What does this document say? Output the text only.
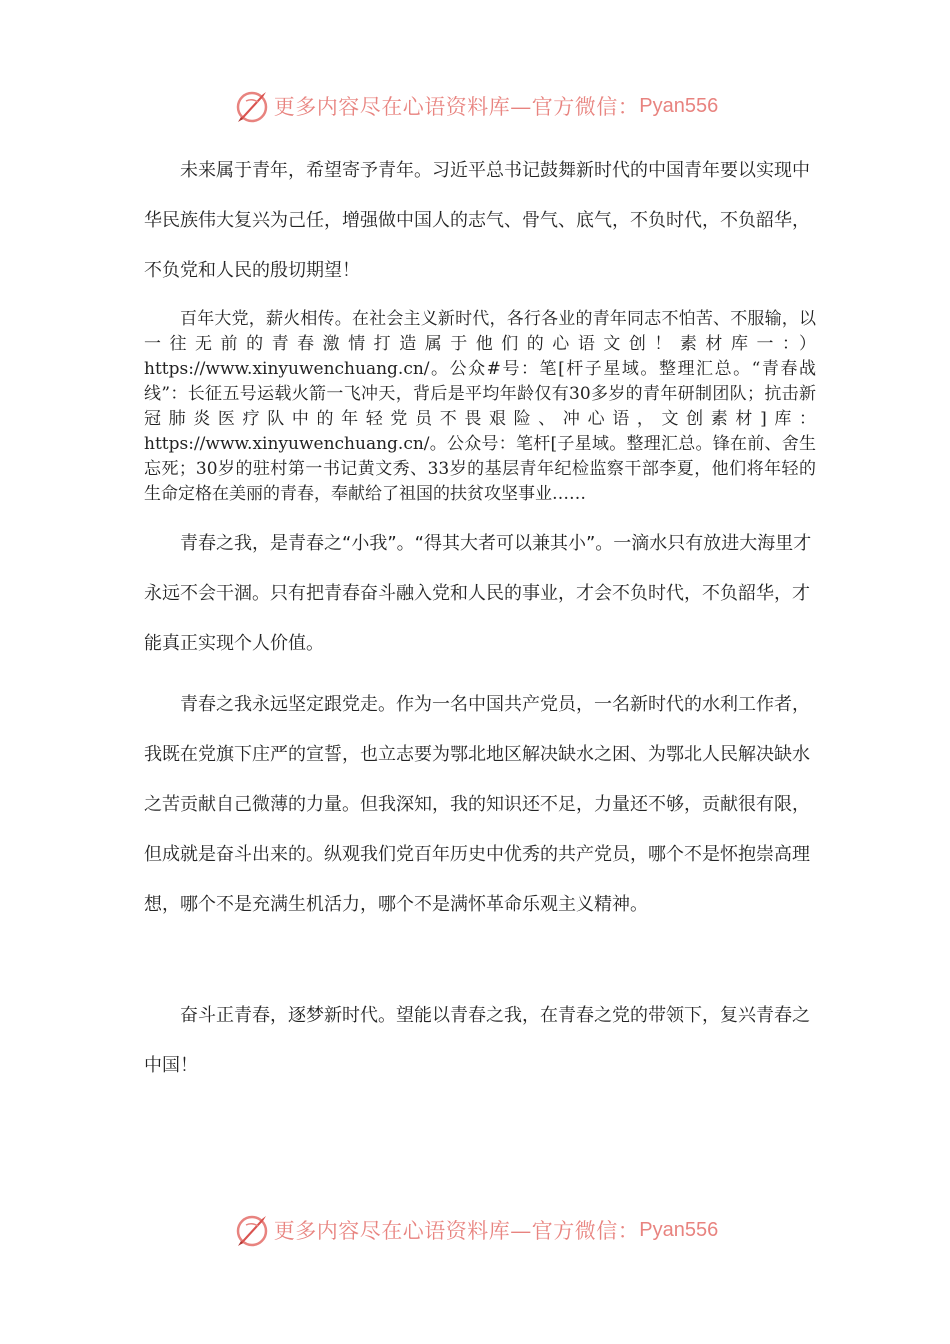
更多内容尽在心语资料库—官方微信： Pyan556

未来属于青年，希望寄予青年。习近平总书记鼓舞新时代的中国青年要以实现中华民族伟大复兴为己任，增强做中国人的志气、骨气、底气，不负时代，不负韶华，不负党和人民的殷切期望！

百年大党，薪火相传。在社会主义新时代，各行各业的青年同志不怕苦、不服输，以一往无前的青春激情打造属于他们的心语文创！素材库一：）https://www.xinyuwenchuang.cn/。公众#号：笔[杆子星域。整理汇总。“青春战线”：长征五号运载火箭一飞冲天，背后是平均年龄仅有30多岁的青年研制团队；抗击新冠肺炎医疗队中的年轻党员不畏艰险、冲心语，文创素材]库：https://www.xinyuwenchuang.cn/。公众号：笔杆[子星域。整理汇总。锋在前、舍生忘死；30岁的驻村第一书记黄文秀、33岁的基层青年纪检监察干部李夏，他们将年轻的生命定格在美丽的青春，奉献给了祖国的扶贫攻坚事业……

青春之我，是青春之“小我”。“得其大者可以兼其小”。一滴水只有放进大海里才永远不会干涸。只有把青春奋斗融入党和人民的事业，才会不负时代，不负韶华，才能真正实现个人价值。

青春之我永远坚定跟党走。作为一名中国共产党员，一名新时代的水利工作者，我既在党旗下庄严的宣誓，也立志要为鄂北地区解决缺水之困、为鄂北人民解决缺水之苦贡献自己微薄的力量。但我深知，我的知识还不足，力量还不够，贡献很有限，但成就是奋斗出来的。纵观我们党百年历史中优秀的共产党员，哪个不是怀抱崇高理想，哪个不是充满生机活力，哪个不是满怀革命乐观主义精神。

奋斗正青春，逐梦新时代。望能以青春之我，在青春之党的带领下，复兴青春之中国！

更多内容尽在心语资料库—官方微信： Pyan556
